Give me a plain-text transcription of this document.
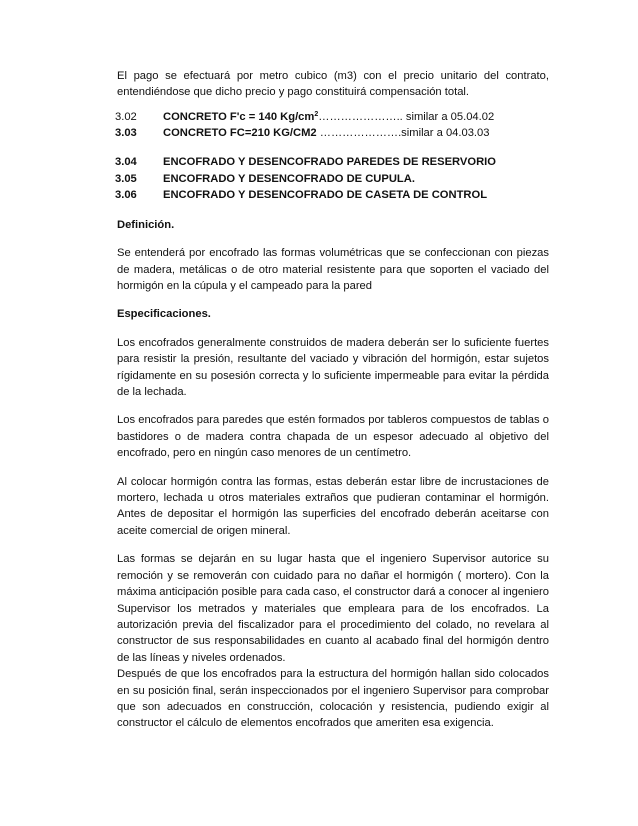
El pago se efectuará por metro cubico (m3) con el precio unitario del contrato, entendiéndose que dicho precio y pago constituirá compensación total.

3.02	CONCRETO F'c = 140 $Kg/cm^2\dots\dots\dots\dots\dots\dots\dots$.. similar a 05.04.02
3.03	CONCRETO FC=210 KG/CM2 ………………….similar a 04.03.03
3.04	ENCOFRADO Y DESENCOFRADO PAREDES DE RESERVORIO
3.05	ENCOFRADO Y DESENCOFRADO DE CUPULA.
3.06	ENCOFRADO Y DESENCOFRADO DE CASETA DE CONTROL

Definición.

Se entenderá por encofrado las formas volumétricas que se confeccionan con piezas de madera, metálicas o de otro material resistente para que soporten el vaciado del hormigón en la cúpula y el campeado para la pared

Especificaciones.

Los encofrados generalmente construidos de madera deberán ser lo suficiente fuertes para resistir la presión, resultante del vaciado y vibración del hormigón, estar sujetos rígidamente en su posesión correcta y lo suficiente impermeable para evitar la pérdida de la lechada.

Los encofrados para paredes que estén formados por tableros compuestos de tablas o bastidores o de madera contra chapada de un espesor adecuado al objetivo del encofrado, pero en ningún caso menores de un centímetro.

Al colocar hormigón contra las formas, estas deberán estar libre de incrustaciones de mortero, lechada u otros materiales extraños que pudieran contaminar el hormigón. Antes de depositar el hormigón las superficies del encofrado deberán aceitarse con aceite comercial de origen mineral.

Las formas se dejarán en su lugar hasta que el ingeniero Supervisor autorice su remoción y se removerán con cuidado para no dañar el hormigón ( mortero). Con la máxima anticipación posible para cada caso, el constructor dará a conocer al ingeniero Supervisor los metrados y materiales que empleara para de los encofrados. La autorización previa del fiscalizador para el procedimiento del colado, no revelara al constructor de sus responsabilidades en cuanto al acabado final del hormigón dentro de las líneas y niveles ordenados.

Después de que los encofrados para la estructura del hormigón hallan sido colocados en su posición final, serán inspeccionados por el ingeniero Supervisor para comprobar que son adecuados en construcción, colocación y resistencia, pudiendo exigir al constructor el cálculo de elementos encofrados que ameriten esa exigencia.
